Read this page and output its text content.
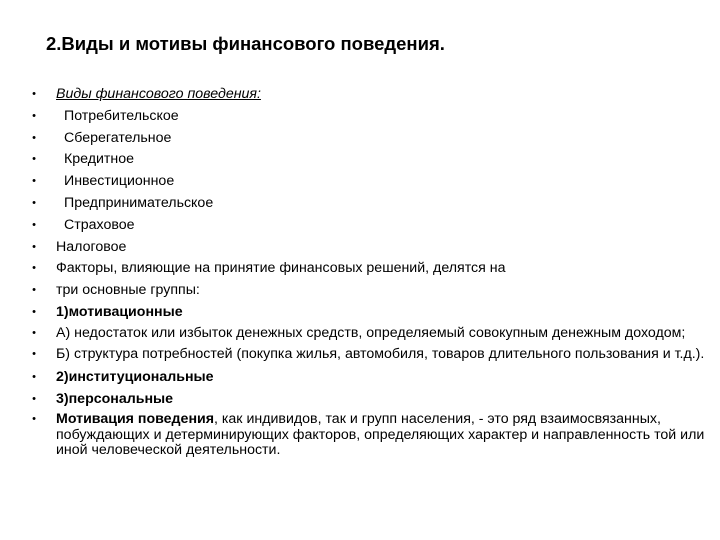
2.Виды и мотивы финансового поведения.
• Виды финансового поведения:
• Потребительское
• Сберегательное
• Кредитное
• Инвестиционное
• Предпринимательское
• Страховое
• Налоговое
• Факторы, влияющие на принятие финансовых решений, делятся на
• три основные группы:
• 1)мотивационные
• А) недостаток или избыток денежных средств, определяемый совокупным денежным доходом;
• Б) структура потребностей (покупка жилья, автомобиля, товаров длительного пользования и т.д.).
• 2)институциональные
• 3)персональные
• Мотивация поведения, как индивидов, так и групп населения, - это ряд взаимосвязанных, побуждающих и детерминирующих факторов, определяющих характер и направленность той или иной человеческой деятельности.
